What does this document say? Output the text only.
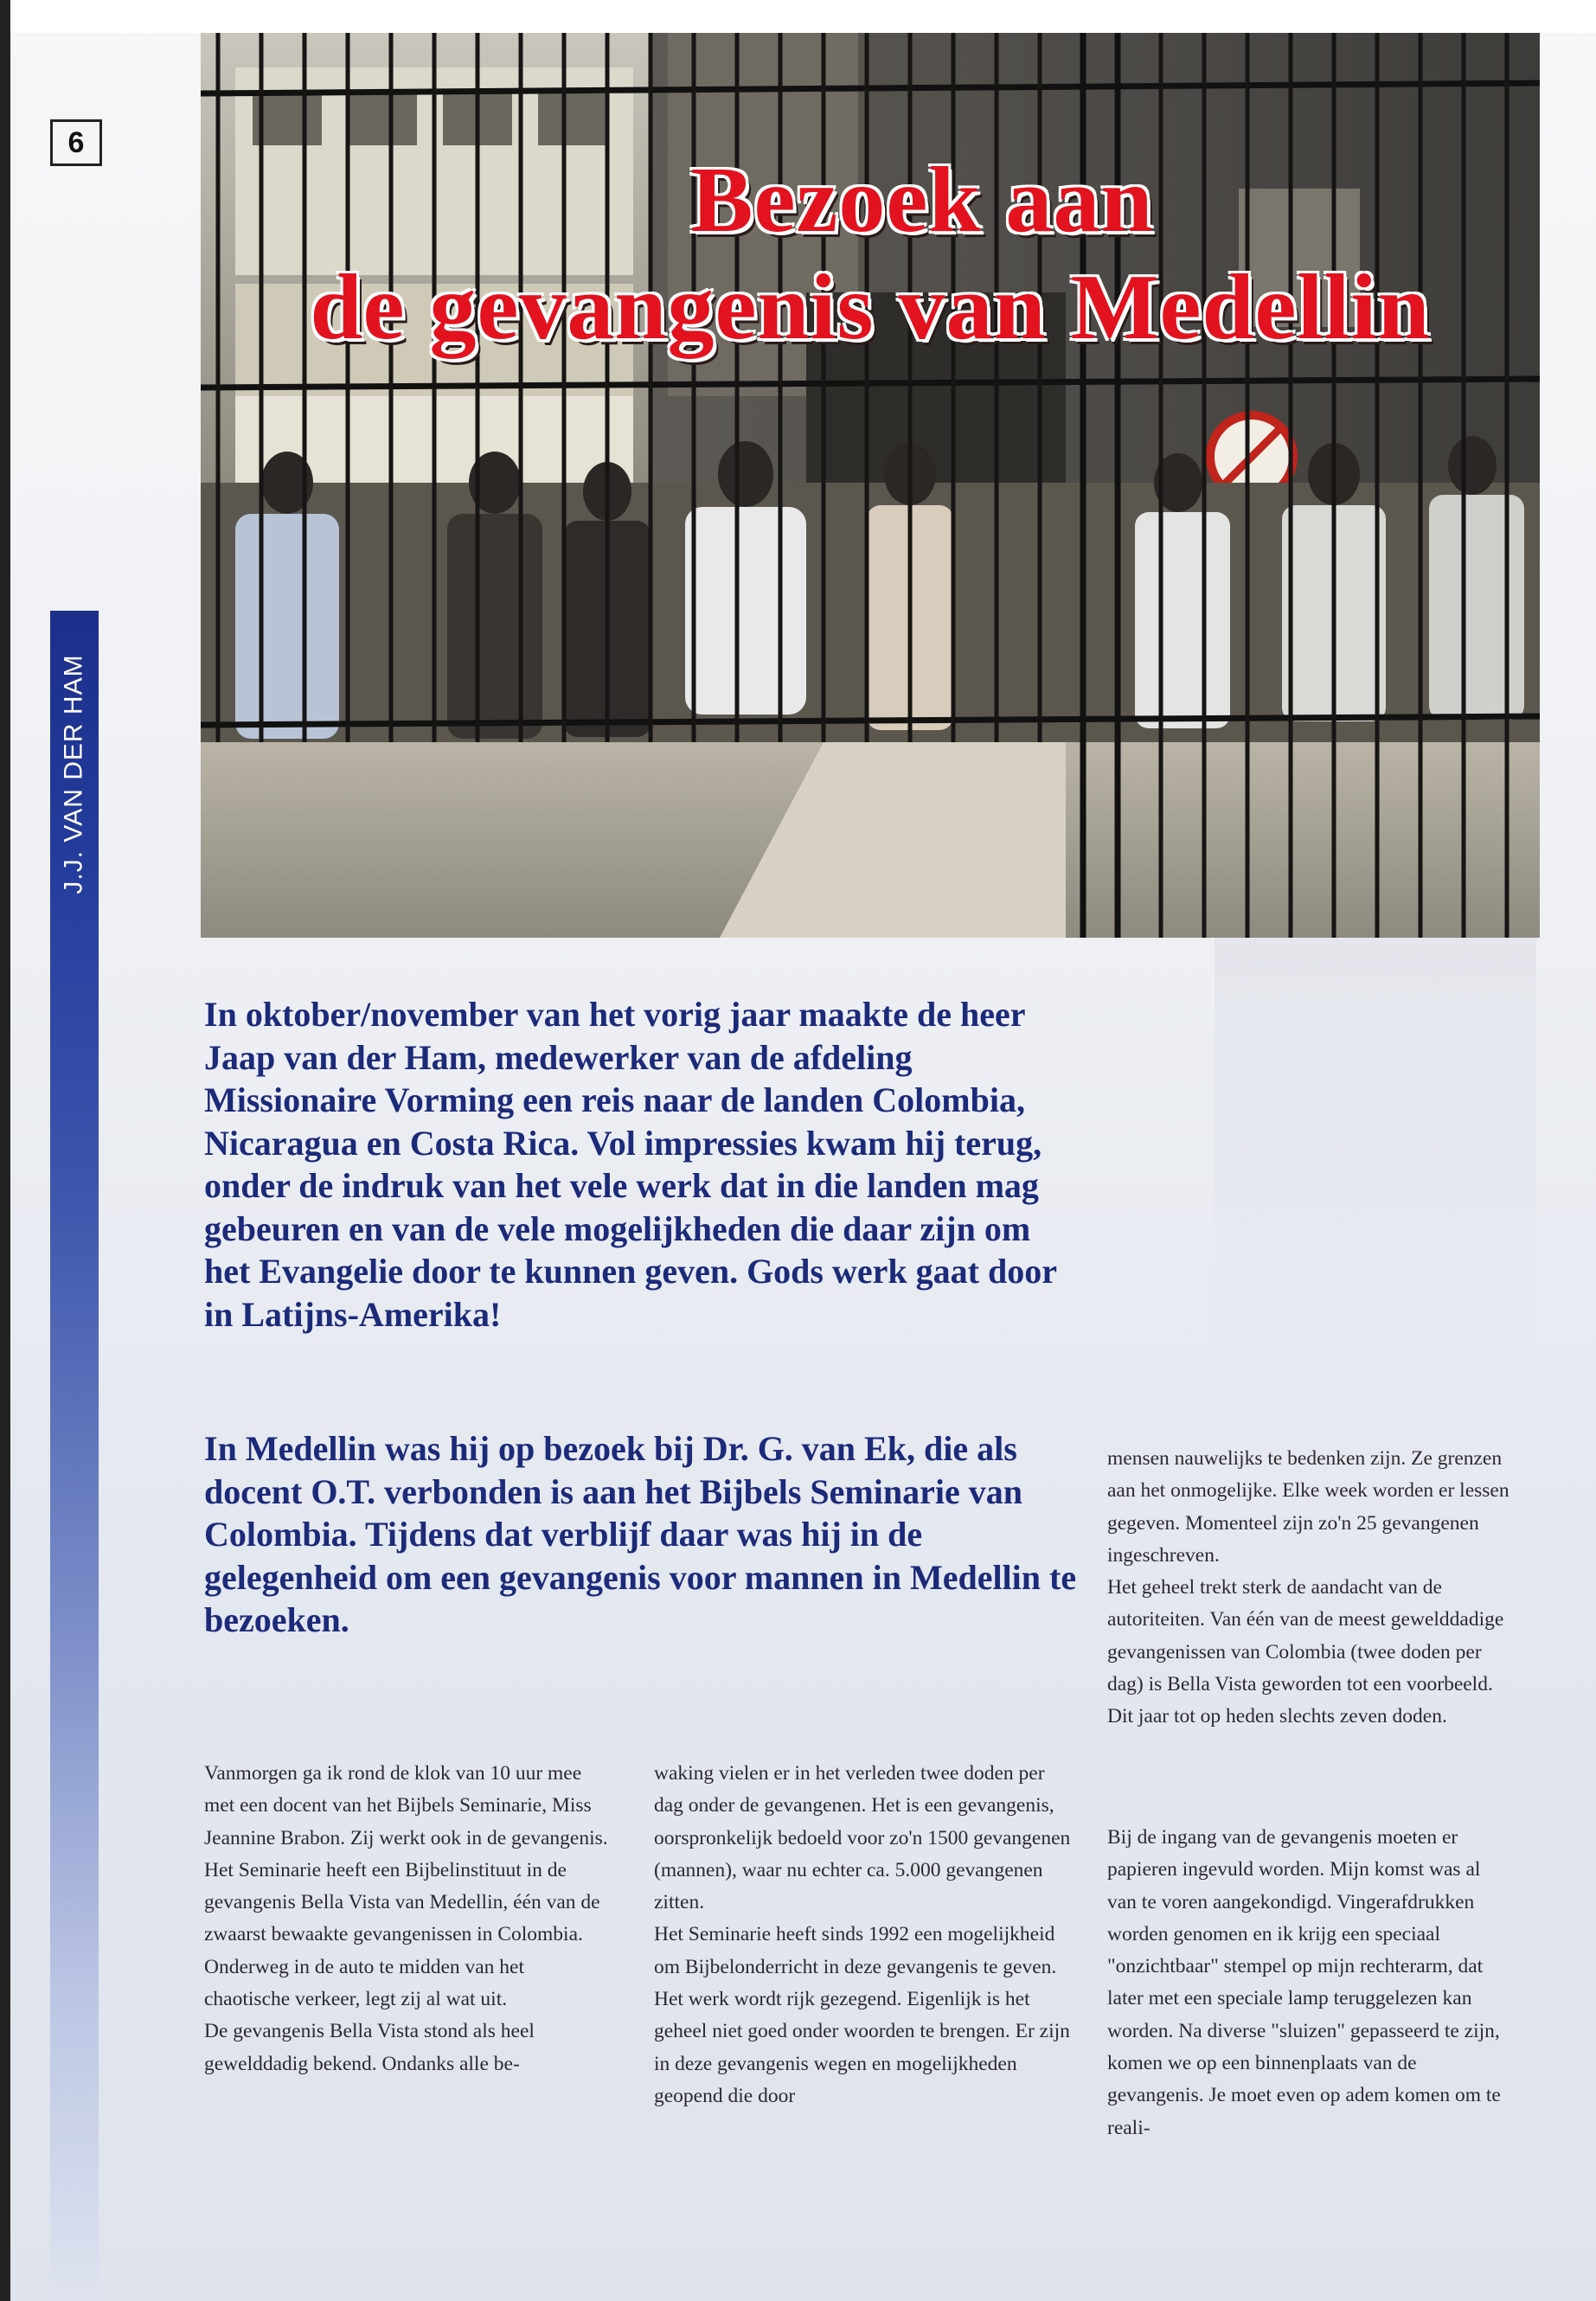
6
J.J. VAN DER HAM
Bezoek aan
de gevangenis van Medellin

In oktober/november van het vorig jaar maakte de heer Jaap van der Ham, medewerker van de afdeling Missionaire Vorming een reis naar de landen Colombia, Nicaragua en Costa Rica. Vol impressies kwam hij terug, onder de indruk van het vele werk dat in die landen mag gebeuren en van de vele mogelijkheden die daar zijn om het Evangelie door te kunnen geven. Gods werk gaat door in Latijns-Amerika!

In Medellin was hij op bezoek bij Dr. G. van Ek, die als docent O.T. verbonden is aan het Bijbels Seminarie van Colombia. Tijdens dat verblijf daar was hij in de gelegenheid om een gevangenis voor mannen in Medellin te bezoeken.

Vanmorgen ga ik rond de klok van 10 uur mee met een docent van het Bijbels Seminarie, Miss Jeannine Brabon. Zij werkt ook in de gevangenis. Het Seminarie heeft een Bijbelinstituut in de gevangenis Bella Vista van Medellin, één van de zwaarst bewaakte gevangenissen in Colombia.

Onderweg in de auto te midden van het chaotische verkeer, legt zij al wat uit.

De gevangenis Bella Vista stond als heel gewelddadig bekend. Ondanks alle be-

waking vielen er in het verleden twee doden per dag onder de gevangenen. Het is een gevangenis, oorspronkelijk bedoeld voor zo'n 1500 gevangenen (mannen), waar nu echter ca. 5.000 gevangenen zitten.

Het Seminarie heeft sinds 1992 een mogelijkheid om Bijbelonderricht in deze gevangenis te geven. Het werk wordt rijk gezegend. Eigenlijk is het geheel niet goed onder woorden te brengen. Er zijn in deze gevangenis wegen en mogelijkheden geopend die door

mensen nauwelijks te bedenken zijn. Ze grenzen aan het onmogelijke. Elke week worden er lessen gegeven. Momenteel zijn zo'n 25 gevangenen ingeschreven.

Het geheel trekt sterk de aandacht van de autoriteiten. Van één van de meest gewelddadige gevangenissen van Colombia (twee doden per dag) is Bella Vista geworden tot een voorbeeld. Dit jaar tot op heden slechts zeven doden.

Bij de ingang van de gevangenis moeten er papieren ingevuld worden. Mijn komst was al van te voren aangekondigd. Vingerafdrukken worden genomen en ik krijg een speciaal "onzichtbaar" stempel op mijn rechterarm, dat later met een speciale lamp teruggelezen kan worden. Na diverse "sluizen" gepasseerd te zijn, komen we op een binnenplaats van de gevangenis. Je moet even op adem komen om te reali-
